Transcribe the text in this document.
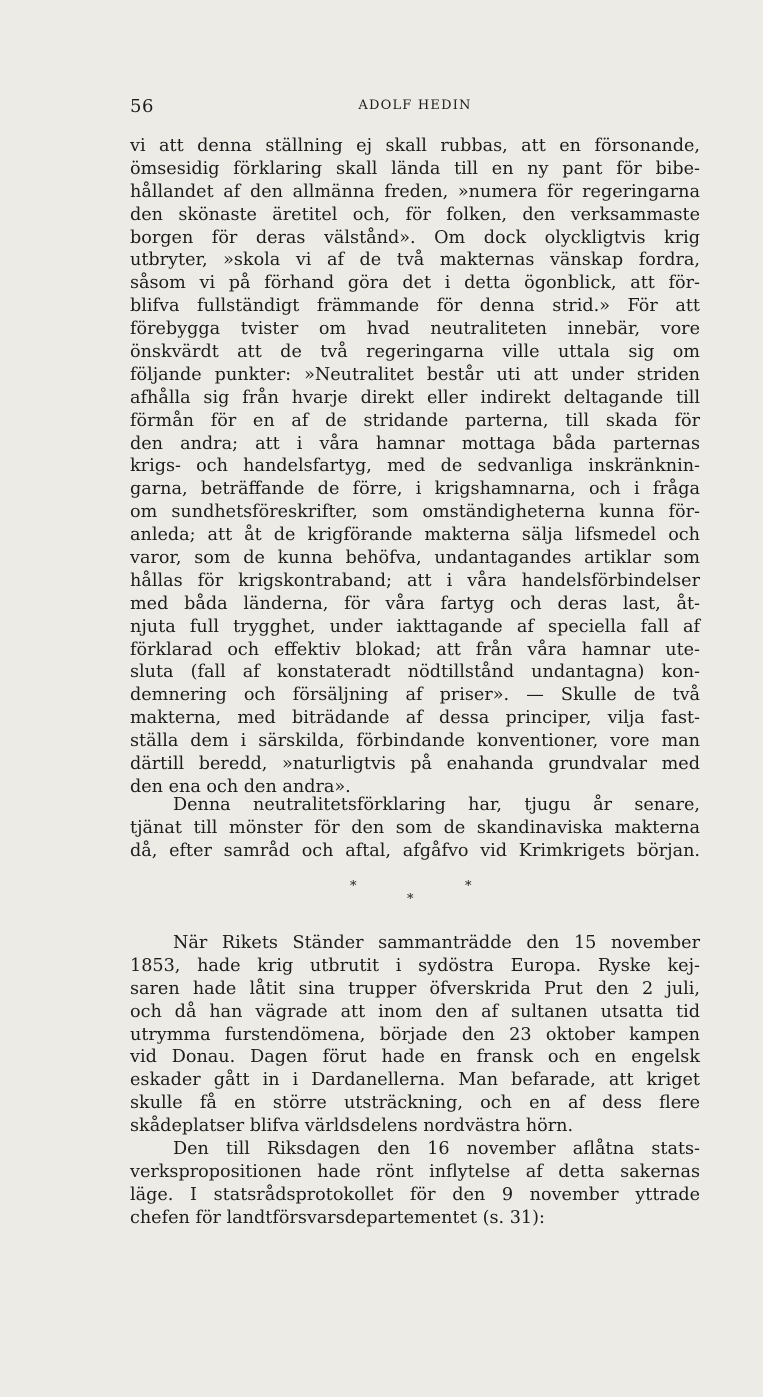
56	ADOLF HEDIN
vi att denna ställning ej skall rubbas, att en försonande,
ömsesidig förklaring skall lända till en ny pant för bibe-
hållandet af den allmänna freden, »numera för regeringarna
den skönaste äretitel och, för folken, den verksammaste
borgen för deras välstånd». Om dock olyckligtvis krig
utbryter, »skola vi af de två makternas vänskap fordra,
såsom vi på förhand göra det i detta ögonblick, att för-
blifva fullständigt främmande för denna strid.» För att
förebygga tvister om hvad neutraliteten innebär, vore
önskvärdt att de två regeringarna ville uttala sig om
följande punkter: »Neutralitet består uti att under striden
afhålla sig från hvarje direkt eller indirekt deltagande till
förmån för en af de stridande parterna, till skada för
den andra; att i våra hamnar mottaga båda parternas
krigs- och handelsfartyg, med de sedvanliga inskränknin-
garna, beträffande de förre, i krigshamnarna, och i fråga
om sundhetsföreskrifter, som omständigheterna kunna för-
anleda; att åt de krigförande makterna sälja lifsmedel och
varor, som de kunna behöfva, undantagandes artiklar som
hållas för krigskontraband; att i våra handelsförbindelser
med båda länderna, för våra fartyg och deras last, åt-
njuta full trygghet, under iakttagande af speciella fall af
förklarad och effektiv blokad; att från våra hamnar ute-
sluta (fall af konstateradt nödtillstånd undantagna) kon-
demnering och försäljning af priser». — Skulle de två
makterna, med biträdande af dessa principer, vilja fast-
ställa dem i särskilda, förbindande konventioner, vore man
därtill beredd, »naturligtvis på enahanda grundvalar med
den ena och den andra».
Denna neutralitetsförklaring har, tjugu år senare,
tjänat till mönster för den som de skandinaviska makterna
då, efter samråd och aftal, afgåfvo vid Krimkrigets början.
*	*
*
När Rikets Ständer sammanträdde den 15 november
1853, hade krig utbrutit i sydöstra Europa. Ryske kej-
saren hade låtit sina trupper öfverskrida Prut den 2 juli,
och då han vägrade att inom den af sultanen utsatta tid
utrymma furstendömena, började den 23 oktober kampen
vid Donau. Dagen förut hade en fransk och en engelsk
eskader gått in i Dardanellerna. Man befarade, att kriget
skulle få en större utsträckning, och en af dess flere
skådeplatser blifva världsdelens nordvästra hörn.
Den till Riksdagen den 16 november aflåtna stats-
verkspropositionen hade rönt inflytelse af detta sakernas
läge. I statsrådsprotokollet för den 9 november yttrade
chefen för landtförsvarsdepartementet (s. 31):
